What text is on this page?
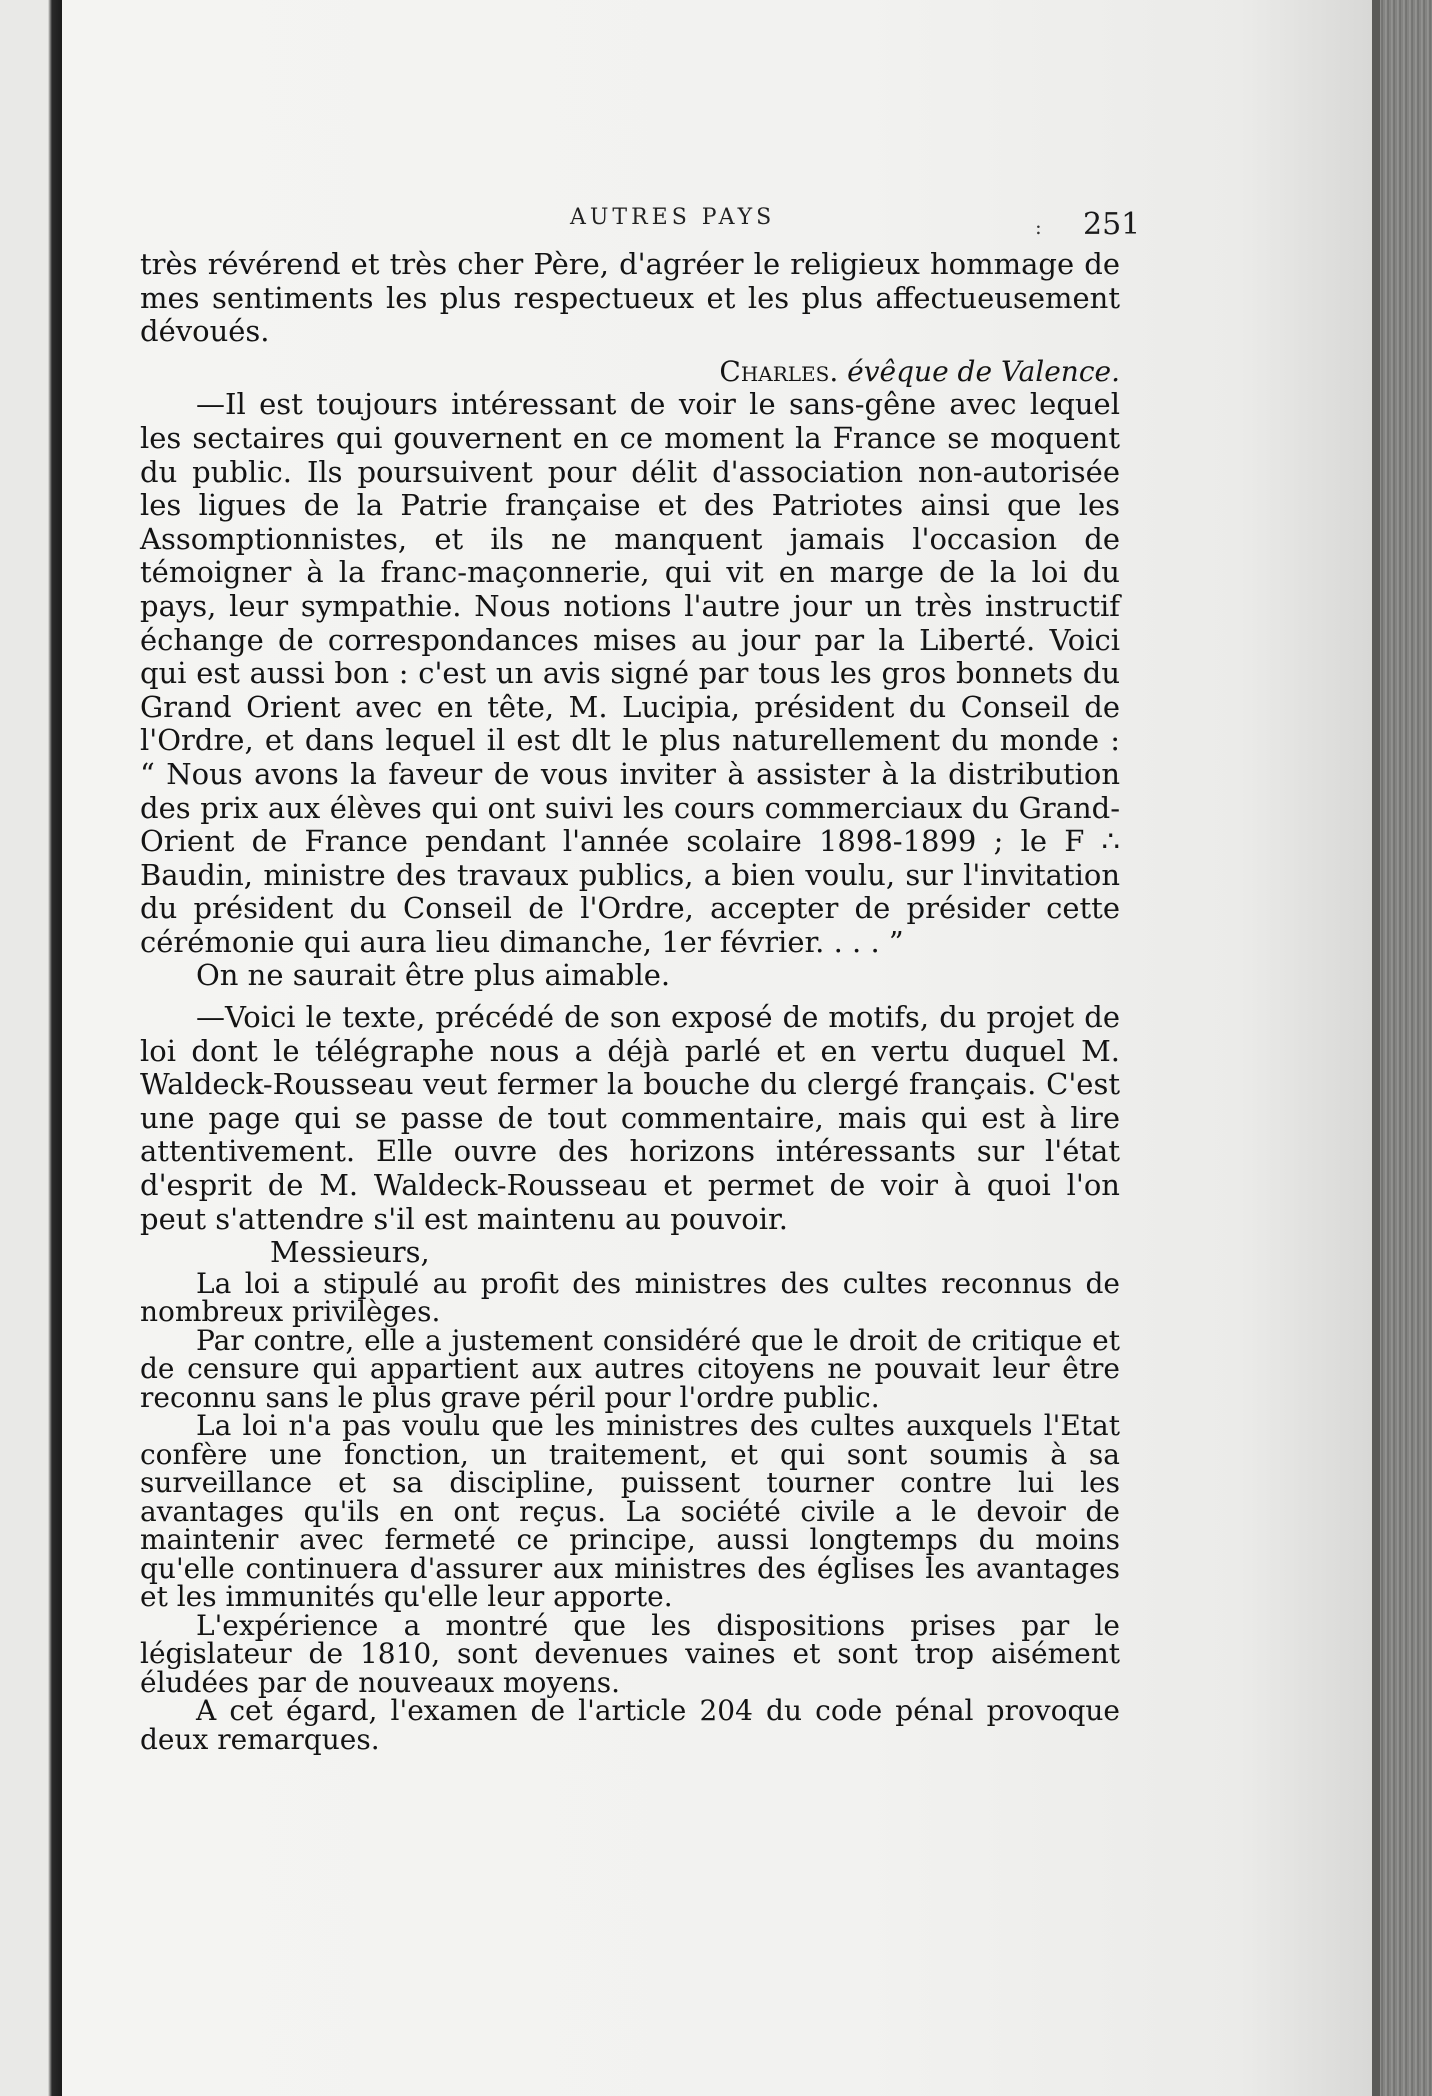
AUTRES PAYS	: 251

très révérend et très cher Père, d'agréer le religieux hommage de mes sentiments les plus respectueux et les plus affectueusement dévoués.

Charles. évêque de Valence.

—Il est toujours intéressant de voir le sans-gêne avec lequel les sectaires qui gouvernent en ce moment la France se moquent du public. Ils poursuivent pour délit d'association non-autorisée les ligues de la Patrie française et des Patriotes ainsi que les Assomptionnistes, et ils ne manquent jamais l'occasion de témoigner à la franc-maçonnerie, qui vit en marge de la loi du pays, leur sympathie. Nous notions l'autre jour un très instructif échange de correspondances mises au jour par la Liberté. Voici qui est aussi bon : c'est un avis signé par tous les gros bonnets du Grand Orient avec en tête, M. Lucipia, président du Conseil de l'Ordre, et dans lequel il est dlt le plus naturellement du monde : “ Nous avons la faveur de vous inviter à assister à la distribution des prix aux élèves qui ont suivi les cours commerciaux du Grand-Orient de France pendant l'année scolaire 1898-1899 ; le F ∴ Baudin, ministre des travaux publics, a bien voulu, sur l'invitation du président du Conseil de l'Ordre, accepter de présider cette cérémonie qui aura lieu dimanche, 1er février. . . . ”

On ne saurait être plus aimable.

—Voici le texte, précédé de son exposé de motifs, du projet de loi dont le télégraphe nous a déjà parlé et en vertu duquel M. Waldeck-Rousseau veut fermer la bouche du clergé français. C'est une page qui se passe de tout commentaire, mais qui est à lire attentivement. Elle ouvre des horizons intéressants sur l'état d'esprit de M. Waldeck-Rousseau et permet de voir à quoi l'on peut s'attendre s'il est maintenu au pouvoir.

Messieurs,

La loi a stipulé au profit des ministres des cultes reconnus de nombreux privilèges.

Par contre, elle a justement considéré que le droit de critique et de censure qui appartient aux autres citoyens ne pouvait leur être reconnu sans le plus grave péril pour l'ordre public.

La loi n'a pas voulu que les ministres des cultes auxquels l'Etat confère une fonction, un traitement, et qui sont soumis à sa surveillance et sa discipline, puissent tourner contre lui les avantages qu'ils en ont reçus. La société civile a le devoir de maintenir avec fermeté ce principe, aussi longtemps du moins qu'elle continuera d'assurer aux ministres des églises les avantages et les immunités qu'elle leur apporte.

L'expérience a montré que les dispositions prises par le législateur de 1810, sont devenues vaines et sont trop aisément éludées par de nouveaux moyens.

A cet égard, l'examen de l'article 204 du code pénal provoque deux remarques.
